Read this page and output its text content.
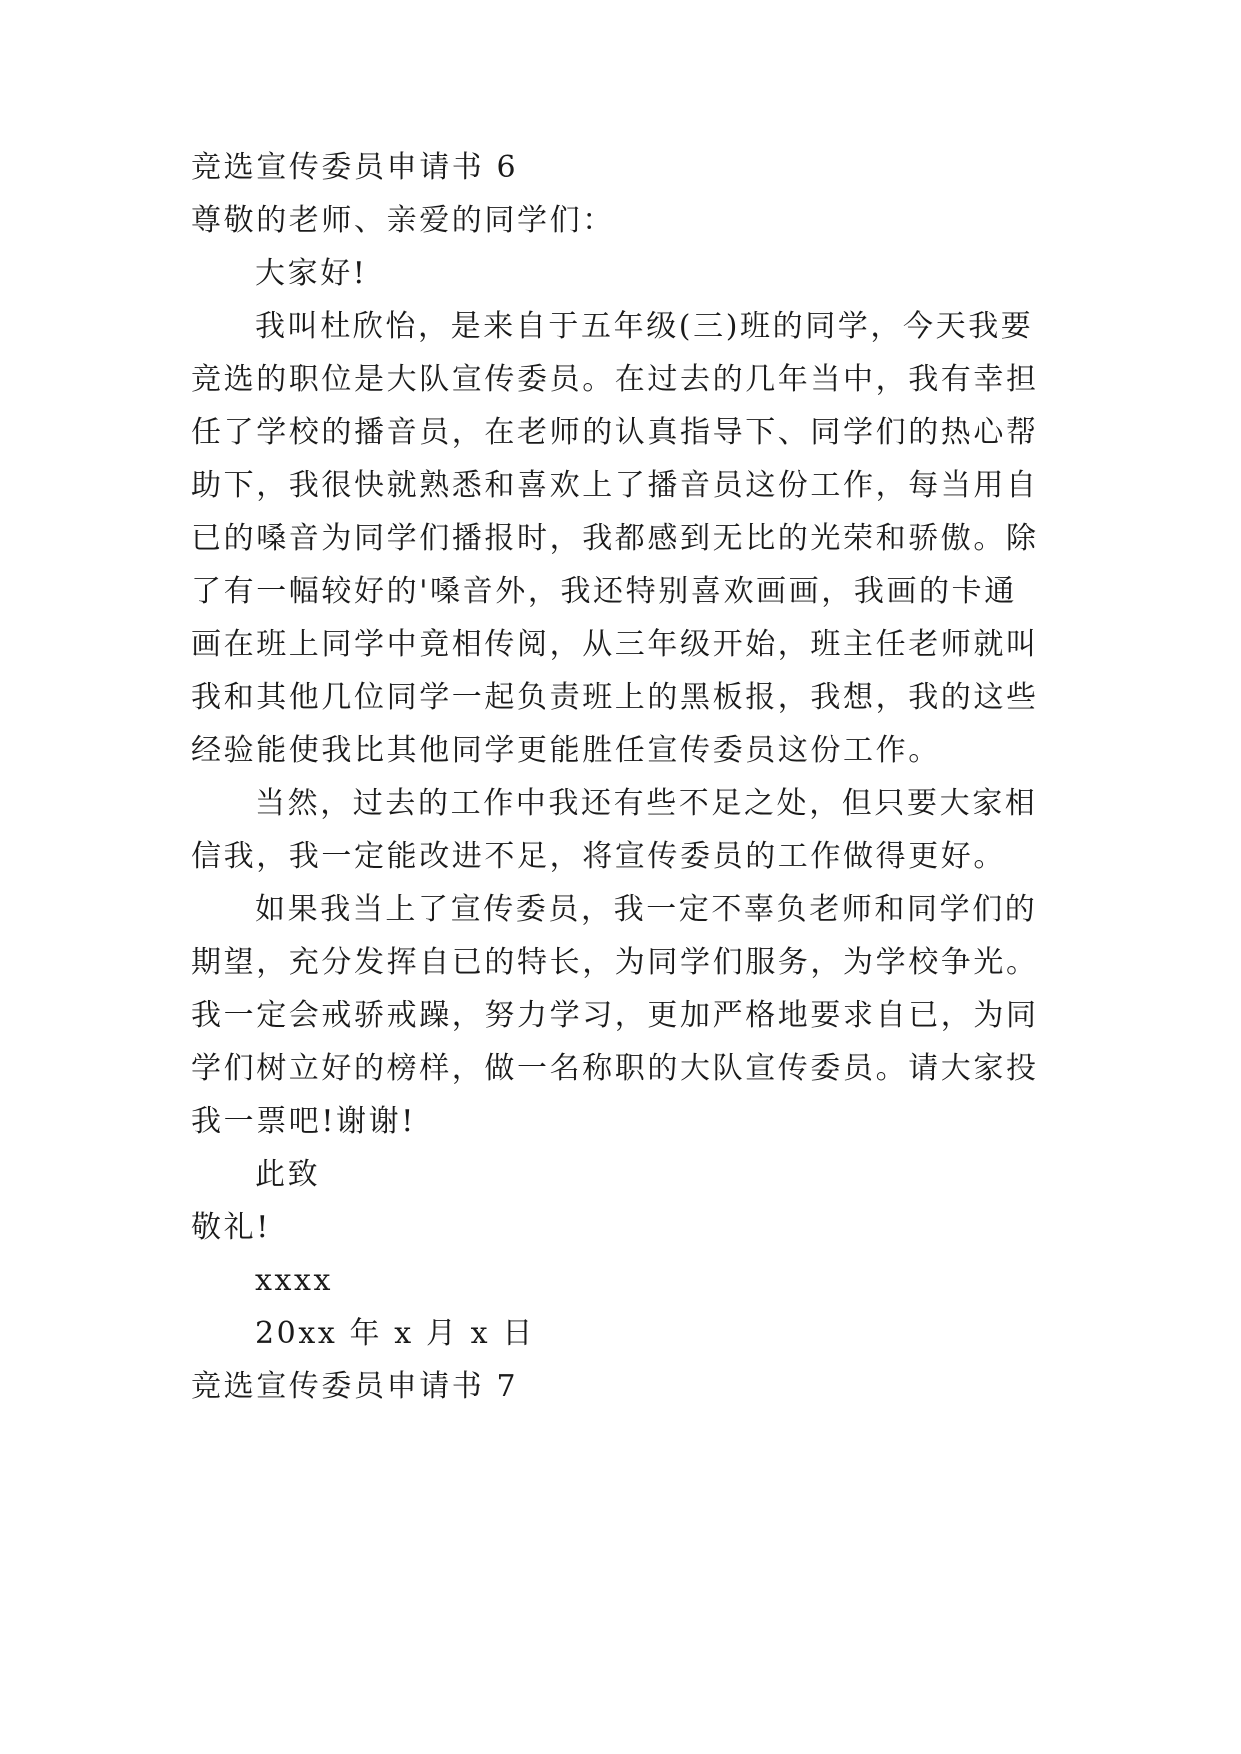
竞选宣传委员申请书 6
尊敬的老师、亲爱的同学们：
大家好!
我叫杜欣怡，是来自于五年级(三)班的同学，今天我要
竞选的职位是大队宣传委员。在过去的几年当中，我有幸担
任了学校的播音员，在老师的认真指导下、同学们的热心帮
助下，我很快就熟悉和喜欢上了播音员这份工作，每当用自
已的嗓音为同学们播报时，我都感到无比的光荣和骄傲。除
了有一幅较好的'嗓音外，我还特别喜欢画画，我画的卡通
画在班上同学中竟相传阅，从三年级开始，班主任老师就叫
我和其他几位同学一起负责班上的黑板报，我想，我的这些
经验能使我比其他同学更能胜任宣传委员这份工作。
当然，过去的工作中我还有些不足之处，但只要大家相
信我，我一定能改进不足，将宣传委员的工作做得更好。
如果我当上了宣传委员，我一定不辜负老师和同学们的
期望，充分发挥自已的特长，为同学们服务，为学校争光。
我一定会戒骄戒躁，努力学习，更加严格地要求自已，为同
学们树立好的榜样，做一名称职的大队宣传委员。请大家投
我一票吧!谢谢!
此致
敬礼!
xxxx
20xx 年 x 月 x 日
竞选宣传委员申请书 7
